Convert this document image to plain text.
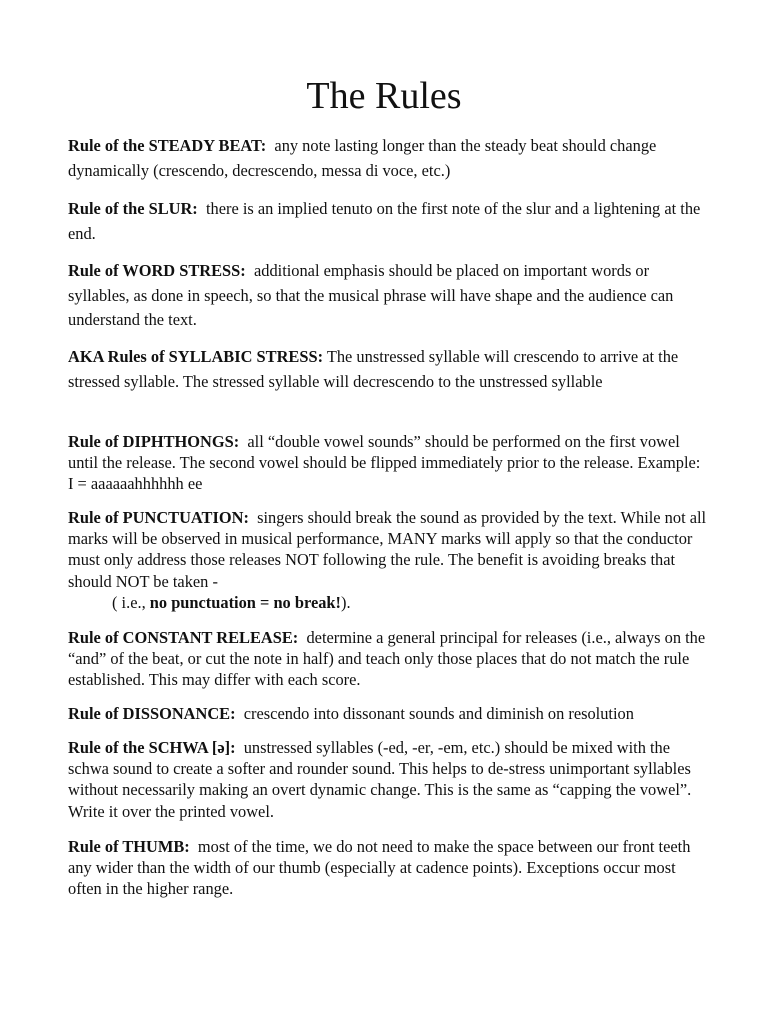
The Rules

Rule of the STEADY BEAT: any note lasting longer than the steady beat should change dynamically (crescendo, decrescendo, messa di voce, etc.)

Rule of the SLUR: there is an implied tenuto on the first note of the slur and a lightening at the end.

Rule of WORD STRESS: additional emphasis should be placed on important words or syllables, as done in speech, so that the musical phrase will have shape and the audience can understand the text.

AKA Rules of SYLLABIC STRESS: The unstressed syllable will crescendo to arrive at the stressed syllable. The stressed syllable will decrescendo to the unstressed syllable

Rule of DIPHTHONGS: all “double vowel sounds” should be performed on the first vowel until the release. The second vowel should be flipped immediately prior to the release. Example: I = aaaaaahhhhhh ee

Rule of PUNCTUATION: singers should break the sound as provided by the text. While not all marks will be observed in musical performance, MANY marks will apply so that the conductor must only address those releases NOT following the rule. The benefit is avoiding breaks that should NOT be taken -
( i.e., no punctuation = no break!).

Rule of CONSTANT RELEASE: determine a general principal for releases (i.e., always on the “and” of the beat, or cut the note in half) and teach only those places that do not match the rule established. This may differ with each score.

Rule of DISSONANCE: crescendo into dissonant sounds and diminish on resolution

Rule of the SCHWA [ə]: unstressed syllables (-ed, -er, -em, etc.) should be mixed with the schwa sound to create a softer and rounder sound. This helps to de-stress unimportant syllables without necessarily making an overt dynamic change. This is the same as “capping the vowel”. Write it over the printed vowel.

Rule of THUMB: most of the time, we do not need to make the space between our front teeth any wider than the width of our thumb (especially at cadence points). Exceptions occur most often in the higher range.
